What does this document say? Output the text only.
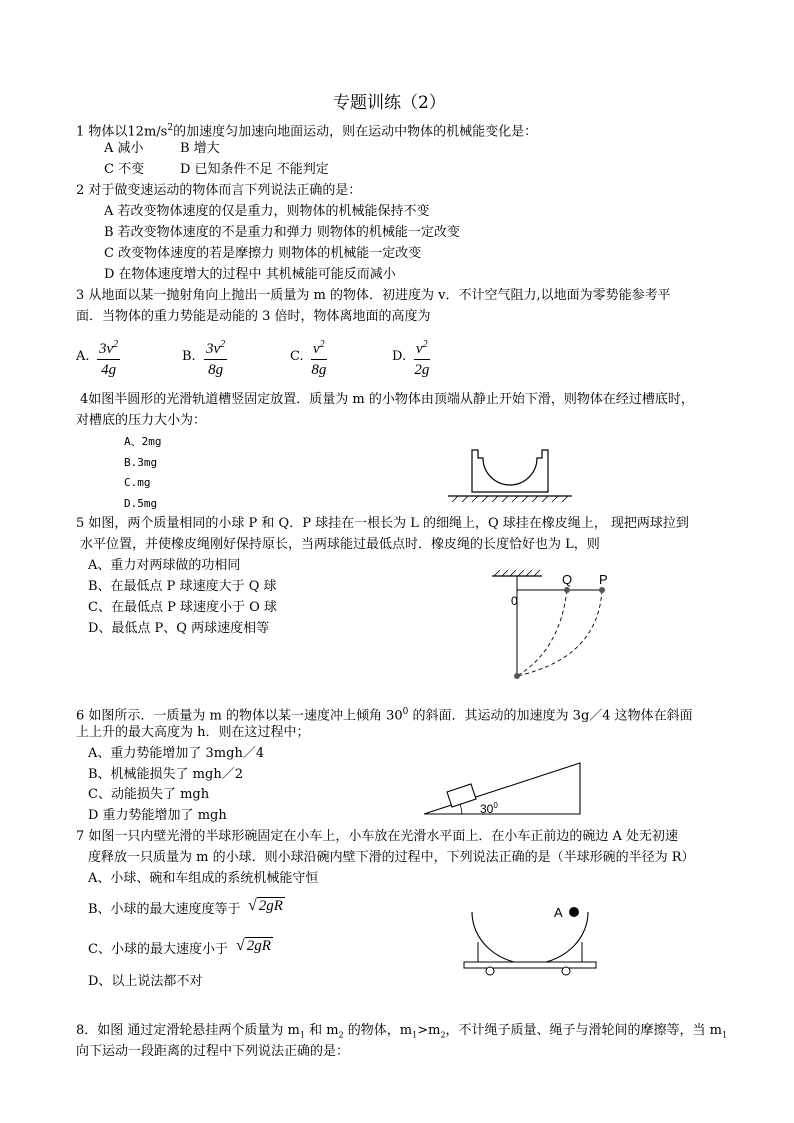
专题训练（2）
1 物体以$12m/s^2$的加速度匀加速向地面运动，则在运动中物体的机械能变化是：
A 减小	B 增大
C 不变	D 已知条件不足 不能判定
2 对于做变速运动的物体而言下列说法正确的是：
A 若改变物体速度的仅是重力，则物体的机械能保持不变
B 若改变物体速度的不是重力和弹力 则物体的机械能一定改变
C 改变物体速度的若是摩擦力 则物体的机械能一定改变
D 在物体速度增大的过程中 其机械能可能反而减小
3 从地面以某一抛射角向上抛出一质量为 m 的物体．初进度为 v．不计空气阻力,以地面为零势能参考平
面．当物体的重力势能是动能的 3 倍时，物体离地面的高度为
A. $\frac{3v^2}{4g}$	B. $\frac{3v^2}{8g}$	C. $\frac{v^2}{8g}$	D. $\frac{v^2}{2g}$
4如图半圆形的光滑轨道槽竖固定放置．质量为 m 的小物体由顶端从静止开始下滑，则物体在经过槽底时，
对槽底的压力大小为：
A、2mg
B.3mg
C.mg
D.5mg
5 如图，两个质量相同的小球 P 和 Q．P 球挂在一根长为 L 的细绳上，Q 球挂在橡皮绳上， 现把两球拉到
水平位置，并使橡皮绳刚好保持原长，当两球能过最低点时．橡皮绳的长度恰好也为 L，则
A、重力对两球做的功相同
B、在最低点 P 球速度大于 Q 球
C、在最低点 P 球速度小于 O 球
D、最低点 P、Q 两球速度相等
0
Q P
6 如图所示．一质量为 m 的物体以某一速度冲上倾角 $30^0$ 的斜面．其运动的加速度为 3g／4 这物体在斜面
上上升的最大高度为 h．则在这过程中；
A、重力势能增加了 3mgh／4
B、机械能损失了 mgh／2
C、动能损失了 mgh
D 重力势能增加了 mgh	$30^0$
7 如图一只内壁光滑的半球形碗固定在小车上，小车放在光滑水平面上．在小车正前边的碗边 A 处无初速
度释放一只质量为 m 的小球．则小球沿碗内壁下滑的过程中，下列说法正确的是（半球形碗的半径为 R）
A、小球、碗和车组成的系统机械能守恒
B、小球的最大速度度等于 √ 2gR
C、小球的最大速度小于 √ 2gR
D、以上说法都不对
A
8．如图 通过定滑轮悬挂两个质量为 $m_1$ 和 $m_2$ 的物体，$m_1>m_2$，不计绳子质量、绳子与滑轮间的摩擦等，当 $m_1$
向下运动一段距离的过程中下列说法正确的是：
